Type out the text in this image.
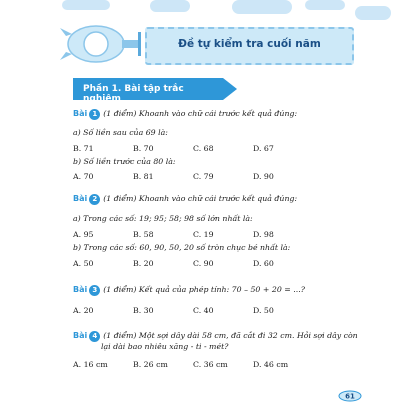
Đề tự kiểm tra cuối năm
Phần 1. Bài tập trắc nghiệm
Bài 1 (1 điểm) Khoanh vào chữ cái trước kết quả đúng:
a) Số liền sau của 69 là:
B. 71	B. 70	C. 68	D. 67
b) Số liền trước của 80 là:
A. 70	B. 81	C. 79	D. 90
Bài 2 (1 điểm) Khoanh vào chữ cái trước kết quả đúng:
a) Trong các số: 19; 95; 58; 98 số lớn nhất là:
A. 95	B. 58	C. 19	D. 98
b) Trong các số: 60, 90, 50, 20 số tròn chục bé nhất là:
A. 50	B. 20	C. 90	D. 60
Bài 3 (1 điểm) Kết quả của phép tính: 70 – 50 + 20 = ...?
A. 20	B. 30	C. 40	D. 50
Bài 4 (1 điểm) Một sợi dây dài 58 cm, đã cắt đi 32 cm. Hỏi sợi dây còn
lại dài bao nhiêu xăng - ti - mét?
A. 16 cm	B. 26 cm	C. 36 cm	D. 46 cm
61
